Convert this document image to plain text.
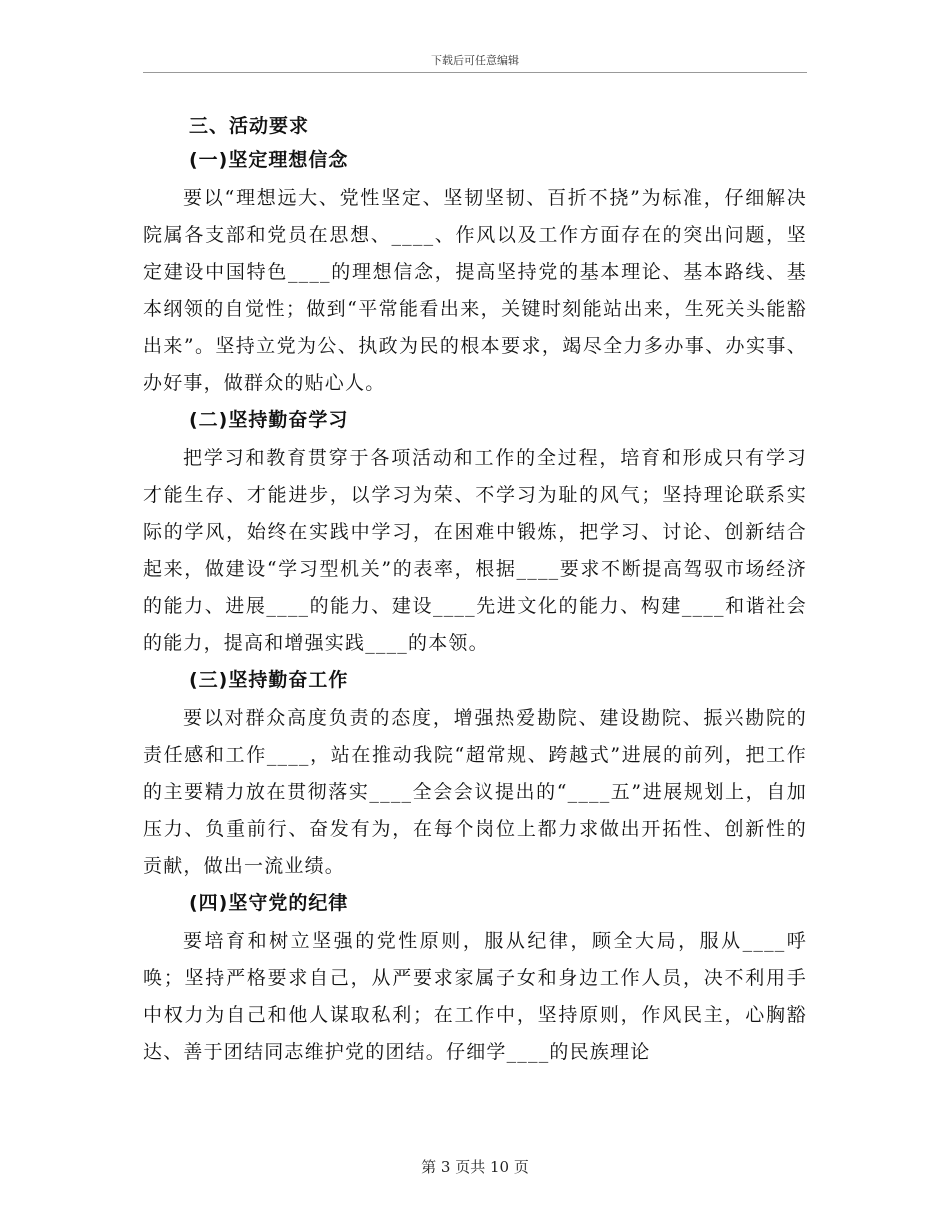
下载后可任意编辑
三、活动要求
(一)坚定理想信念

要以“理想远大、党性坚定、坚韧坚韧、百折不挠”为标准，仔细解决院属各支部和党员在思想、____、作风以及工作方面存在的突出问题，坚定建设中国特色____的理想信念，提高坚持党的基本理论、基本路线、基本纲领的自觉性；做到“平常能看出来，关键时刻能站出来，生死关头能豁出来”。坚持立党为公、执政为民的根本要求，竭尽全力多办事、办实事、办好事，做群众的贴心人。

(二)坚持勤奋学习

把学习和教育贯穿于各项活动和工作的全过程，培育和形成只有学习才能生存、才能进步，以学习为荣、不学习为耻的风气；坚持理论联系实际的学风，始终在实践中学习，在困难中锻炼，把学习、讨论、创新结合起来，做建设“学习型机关”的表率，根据____要求不断提高驾驭市场经济的能力、进展____的能力、建设____先进文化的能力、构建____和谐社会的能力，提高和增强实践____的本领。

(三)坚持勤奋工作

要以对群众高度负责的态度，增强热爱勘院、建设勘院、振兴勘院的责任感和工作____，站在推动我院“超常规、跨越式”进展的前列，把工作的主要精力放在贯彻落实____全会会议提出的“____五”进展规划上，自加压力、负重前行、奋发有为，在每个岗位上都力求做出开拓性、创新性的贡献，做出一流业绩。

(四)坚守党的纪律

要培育和树立坚强的党性原则，服从纪律，顾全大局，服从____呼唤；坚持严格要求自己，从严要求家属子女和身边工作人员，决不利用手中权力为自己和他人谋取私利；在工作中，坚持原则，作风民主，心胸豁达、善于团结同志维护党的团结。仔细学____的民族理论

第 3 页共 10 页
